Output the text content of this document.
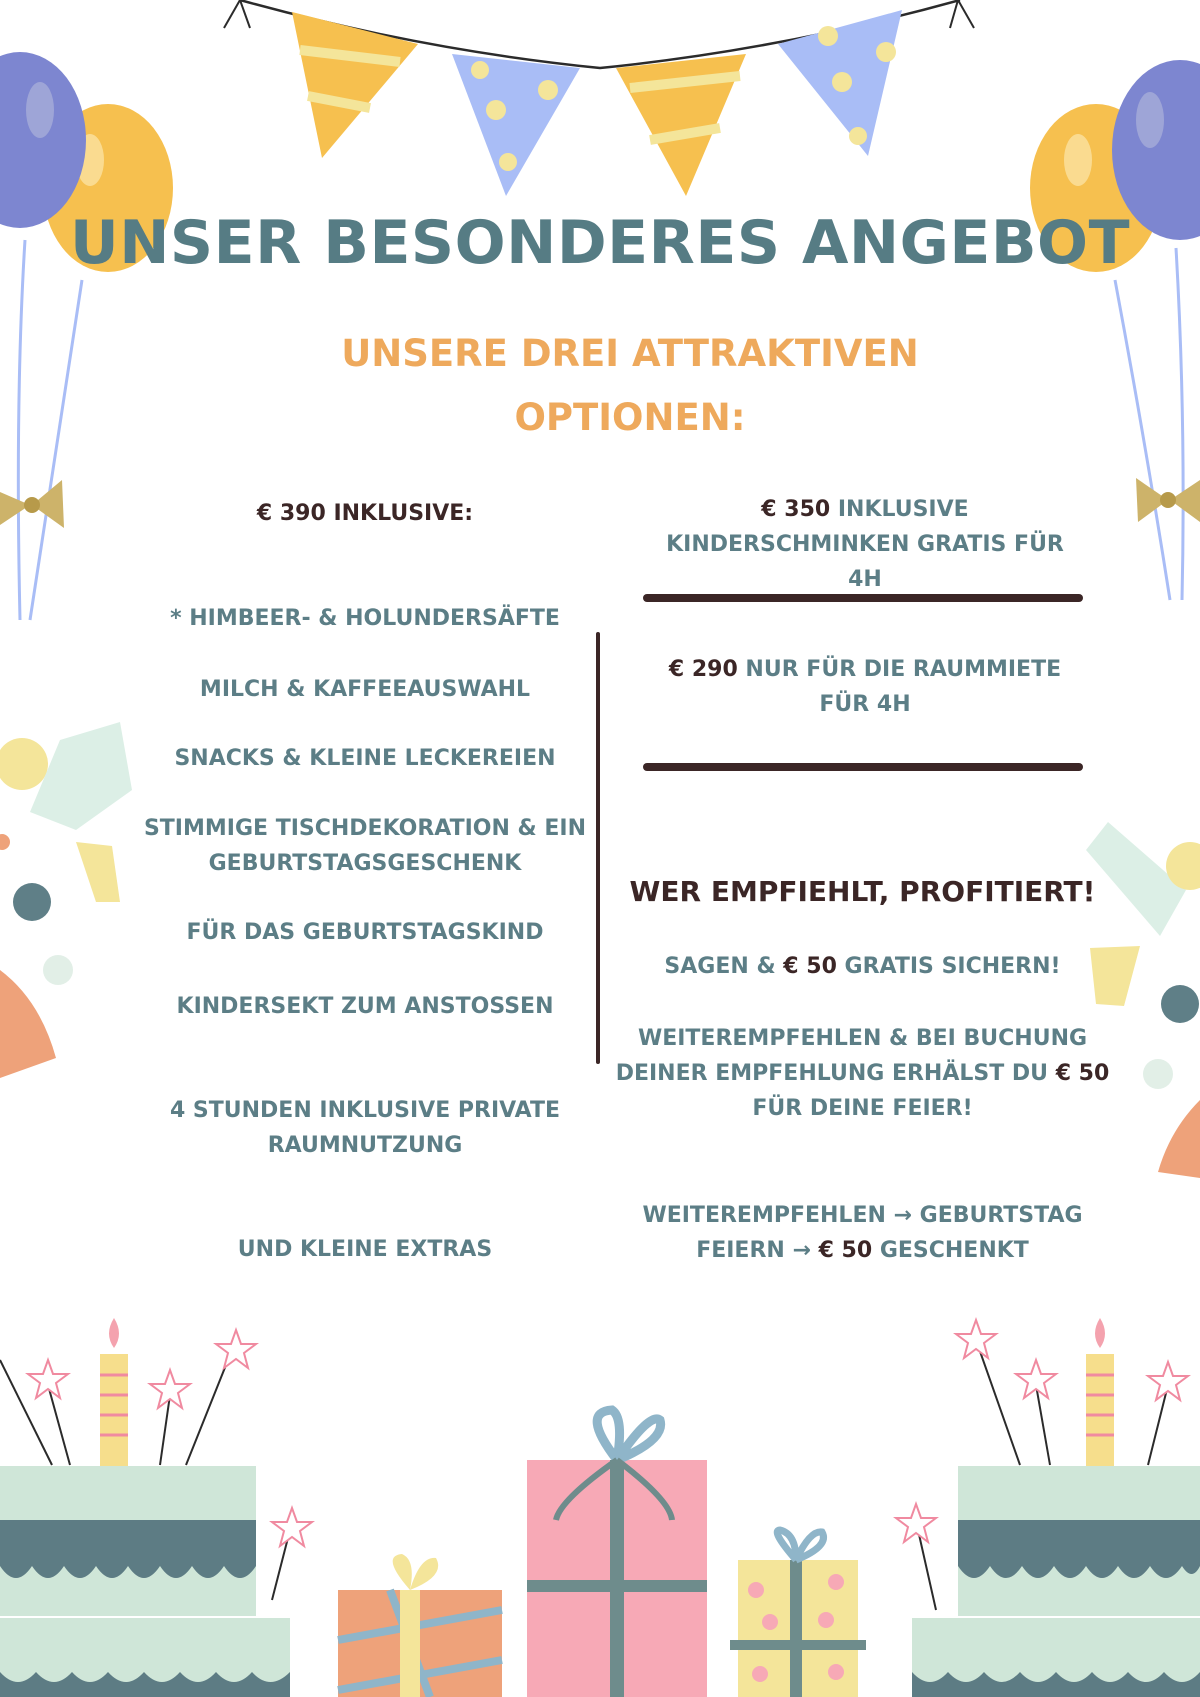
UNSER BESONDERES ANGEBOT
UNSERE DREI ATTRAKTIVEN OPTIONEN:
€ 390 INKLUSIVE:
* HIMBEER- & HOLUNDERSÄFTE
MILCH & KAFFEEAUSWAHL
SNACKS & KLEINE LECKEREIEN
STIMMIGE TISCHDEKORATION & EIN GEBURTSTAGSGESCHENK
FÜR DAS GEBURTSTAGSKIND
KINDERSEKT ZUM ANSTOSSEN
4 STUNDEN INKLUSIVE PRIVATE RAUMNUTZUNG
UND KLEINE EXTRAS
€ 350 INKLUSIVE KINDERSCHMINKEN GRATIS FÜR 4H
€ 290 NUR FÜR DIE RAUMMIETE FÜR 4H
WER EMPFIEHLT, PROFITIERT!
SAGEN & € 50 GRATIS SICHERN!
WEITEREMPFEHLEN & BEI BUCHUNG DEINER EMPFEHLUNG ERHÄLST DU € 50 FÜR DEINE FEIER!
WEITEREMPFEHLEN → GEBURTSTAG FEIERN → € 50 GESCHENKT
